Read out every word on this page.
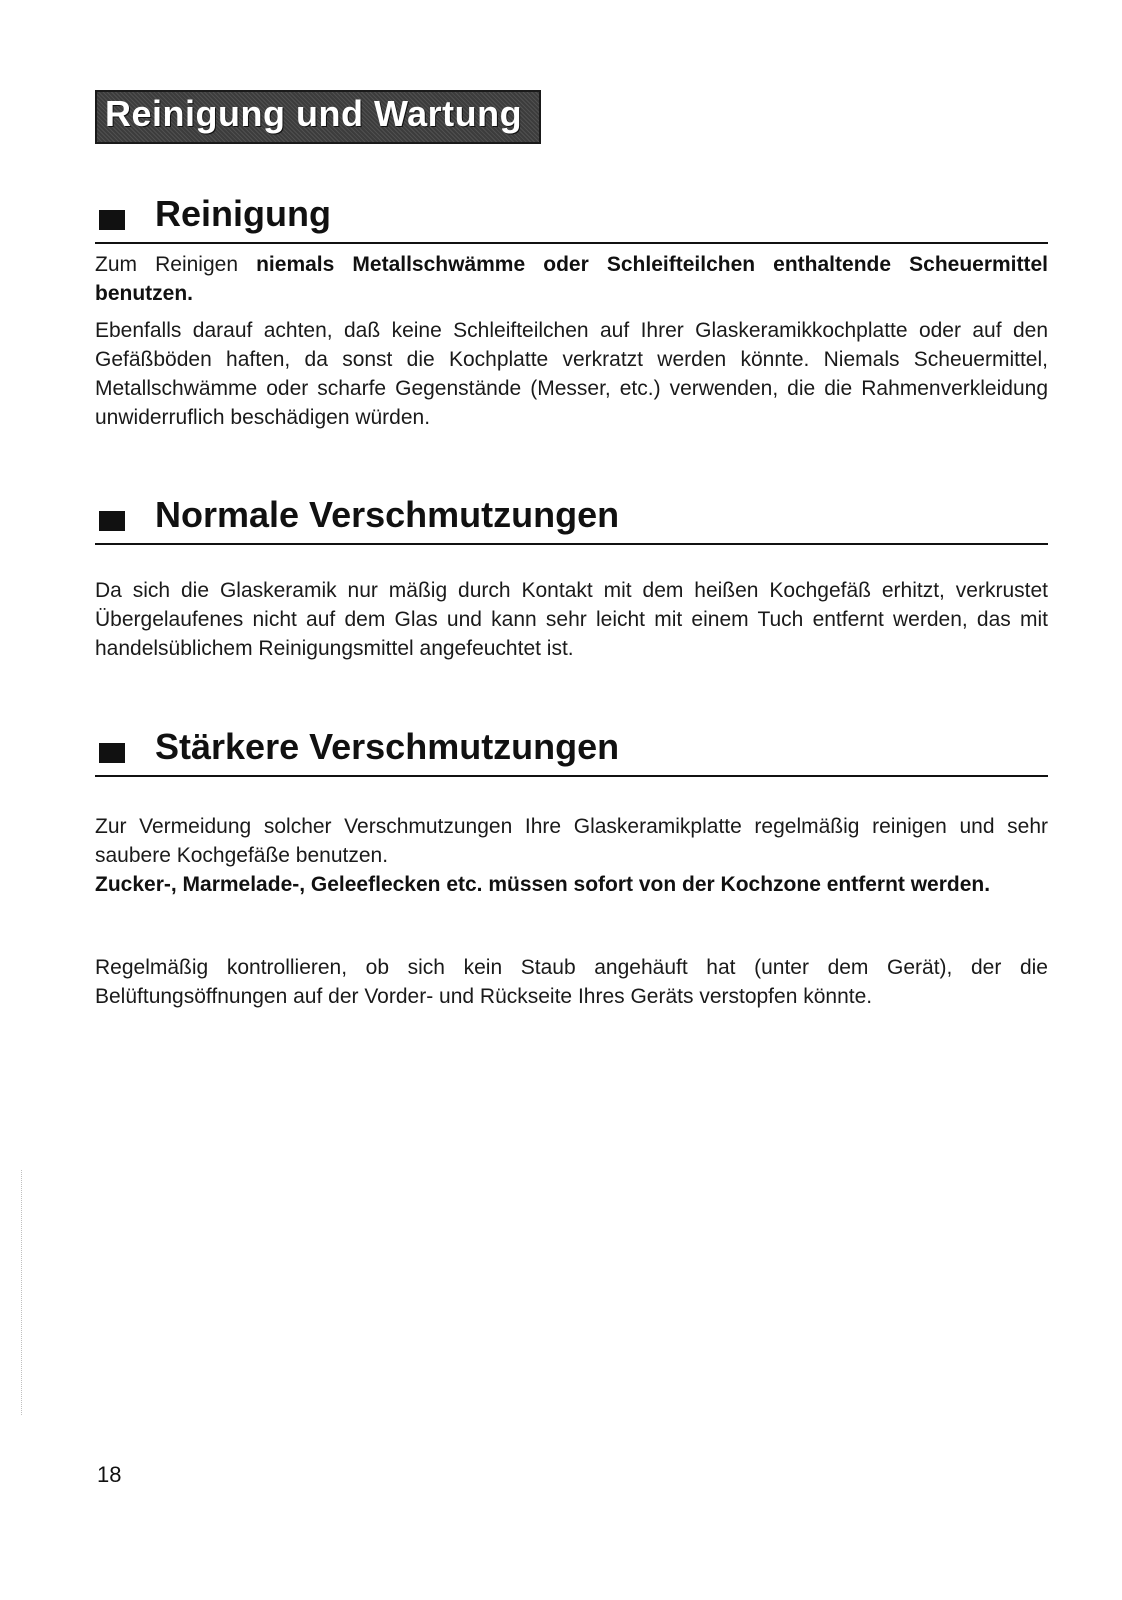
Reinigung und Wartung
Reinigung

Zum Reinigen niemals Metallschwämme oder Schleifteilchen enthaltende Scheuermittel benutzen.

Ebenfalls darauf achten, daß keine Schleifteilchen auf Ihrer Glaskeramikkochplatte oder auf den Gefäßböden haften, da sonst die Kochplatte verkratzt werden könnte. Niemals Scheuermittel, Metallschwämme oder scharfe Gegenstände (Messer, etc.) verwenden, die die Rahmenverkleidung unwiderruflich beschädigen würden.

Normale Verschmutzungen

Da sich die Glaskeramik nur mäßig durch Kontakt mit dem heißen Kochgefäß erhitzt, verkrustet Übergelaufenes nicht auf dem Glas und kann sehr leicht mit einem Tuch entfernt werden, das mit handelsüblichem Reinigungsmittel angefeuchtet ist.

Stärkere Verschmutzungen

Zur Vermeidung solcher Verschmutzungen Ihre Glaskeramikplatte regelmäßig reinigen und sehr saubere Kochgefäße benutzen.
Zucker-, Marmelade-, Geleeflecken etc. müssen sofort von der Kochzone entfernt werden.

Regelmäßig kontrollieren, ob sich kein Staub angehäuft hat (unter dem Gerät), der die Belüftungsöffnungen auf der Vorder- und Rückseite Ihres Geräts verstopfen könnte.

18
